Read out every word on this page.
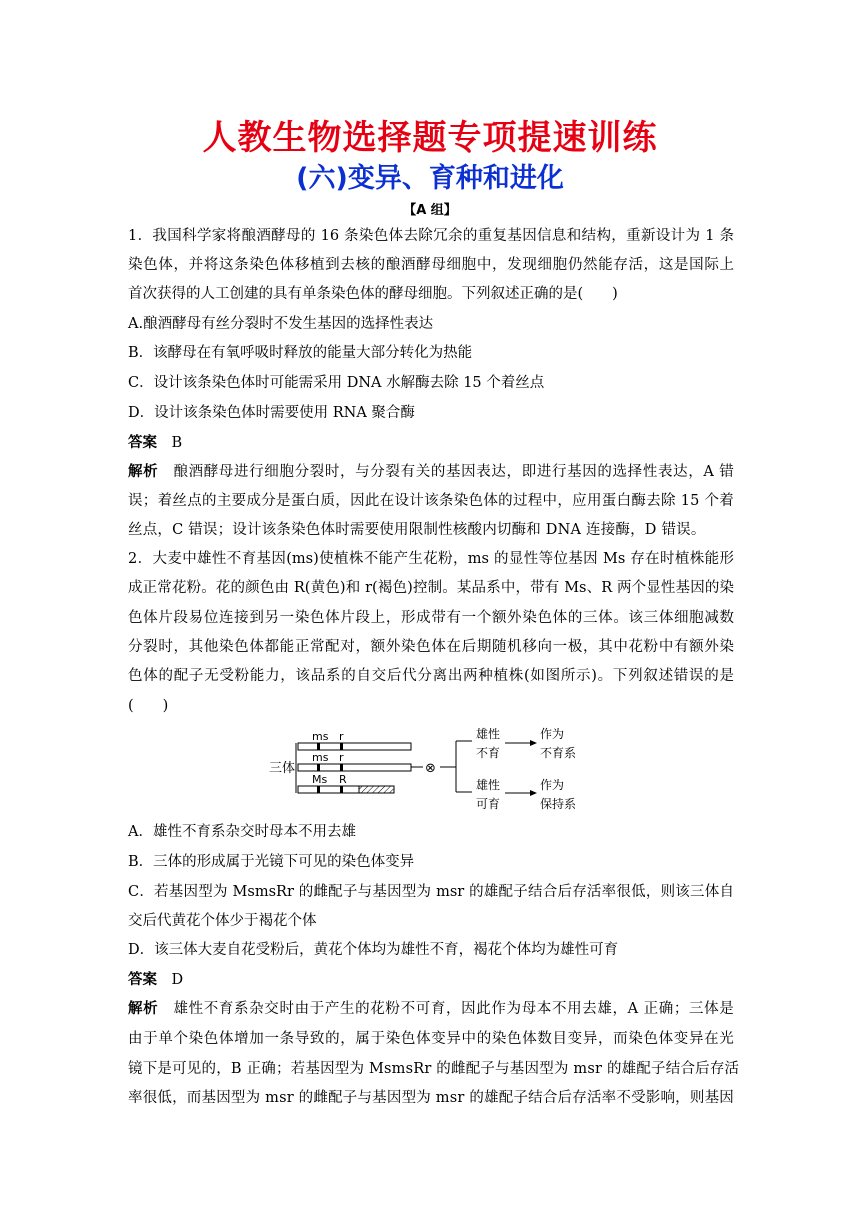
人教生物选择题专项提速训练
(六)变异、育种和进化
【A 组】
1．我国科学家将酿酒酵母的 16 条染色体去除冗余的重复基因信息和结构，重新设计为 1 条
染色体，并将这条染色体移植到去核的酿酒酵母细胞中，发现细胞仍然能存活，这是国际上
首次获得的人工创建的具有单条染色体的酵母细胞。下列叙述正确的是(　　)
A.酿酒酵母有丝分裂时不发生基因的选择性表达
B．该酵母在有氧呼吸时释放的能量大部分转化为热能
C．设计该条染色体时可能需采用 DNA 水解酶去除 15 个着丝点
D．设计该条染色体时需要使用 RNA 聚合酶
答案　 B
解析　 酿酒酵母进行细胞分裂时，与分裂有关的基因表达，即进行基因的选择性表达，A 错
误；着丝点的主要成分是蛋白质，因此在设计该条染色体的过程中，应用蛋白酶去除 15 个着
丝点，C 错误；设计该条染色体时需要使用限制性核酸内切酶和 DNA 连接酶，D 错误。
2．大麦中雄性不育基因(ms)使植株不能产生花粉，ms 的显性等位基因 Ms 存在时植株能形
成正常花粉。花的颜色由 R(黄色)和 r(褐色)控制。某品系中，带有 Ms、R 两个显性基因的染
色体片段易位连接到另一染色体片段上，形成带有一个额外染色体的三体。该三体细胞减数
分裂时，其他染色体都能正常配对，额外染色体在后期随机移向一极，其中花粉中有额外染
色体的配子无受粉能力，该品系的自交后代分离出两种植株(如图所示)。下列叙述错误的是
(　　)
三体
ms r
ms r
Ms R
⊗
雄性
不育
作为
不育系
雄性
可育
作为
保持系
A．雄性不育系杂交时母本不用去雄
B．三体的形成属于光镜下可见的染色体变异
C．若基因型为 MsmsRr 的雌配子与基因型为 msr 的雄配子结合后存活率很低，则该三体自
交后代黄花个体少于褐花个体
D．该三体大麦自花受粉后，黄花个体均为雄性不育，褐花个体均为雄性可育
答案　 D
解析　 雄性不育系杂交时由于产生的花粉不可育，因此作为母本不用去雄，A 正确；三体是
由于单个染色体增加一条导致的，属于染色体变异中的染色体数目变异，而染色体变异在光
镜下是可见的，B 正确；若基因型为 MsmsRr 的雌配子与基因型为 msr 的雄配子结合后存活
率很低，而基因型为 msr 的雌配子与基因型为 msr 的雄配子结合后存活率不受影响，则基因
